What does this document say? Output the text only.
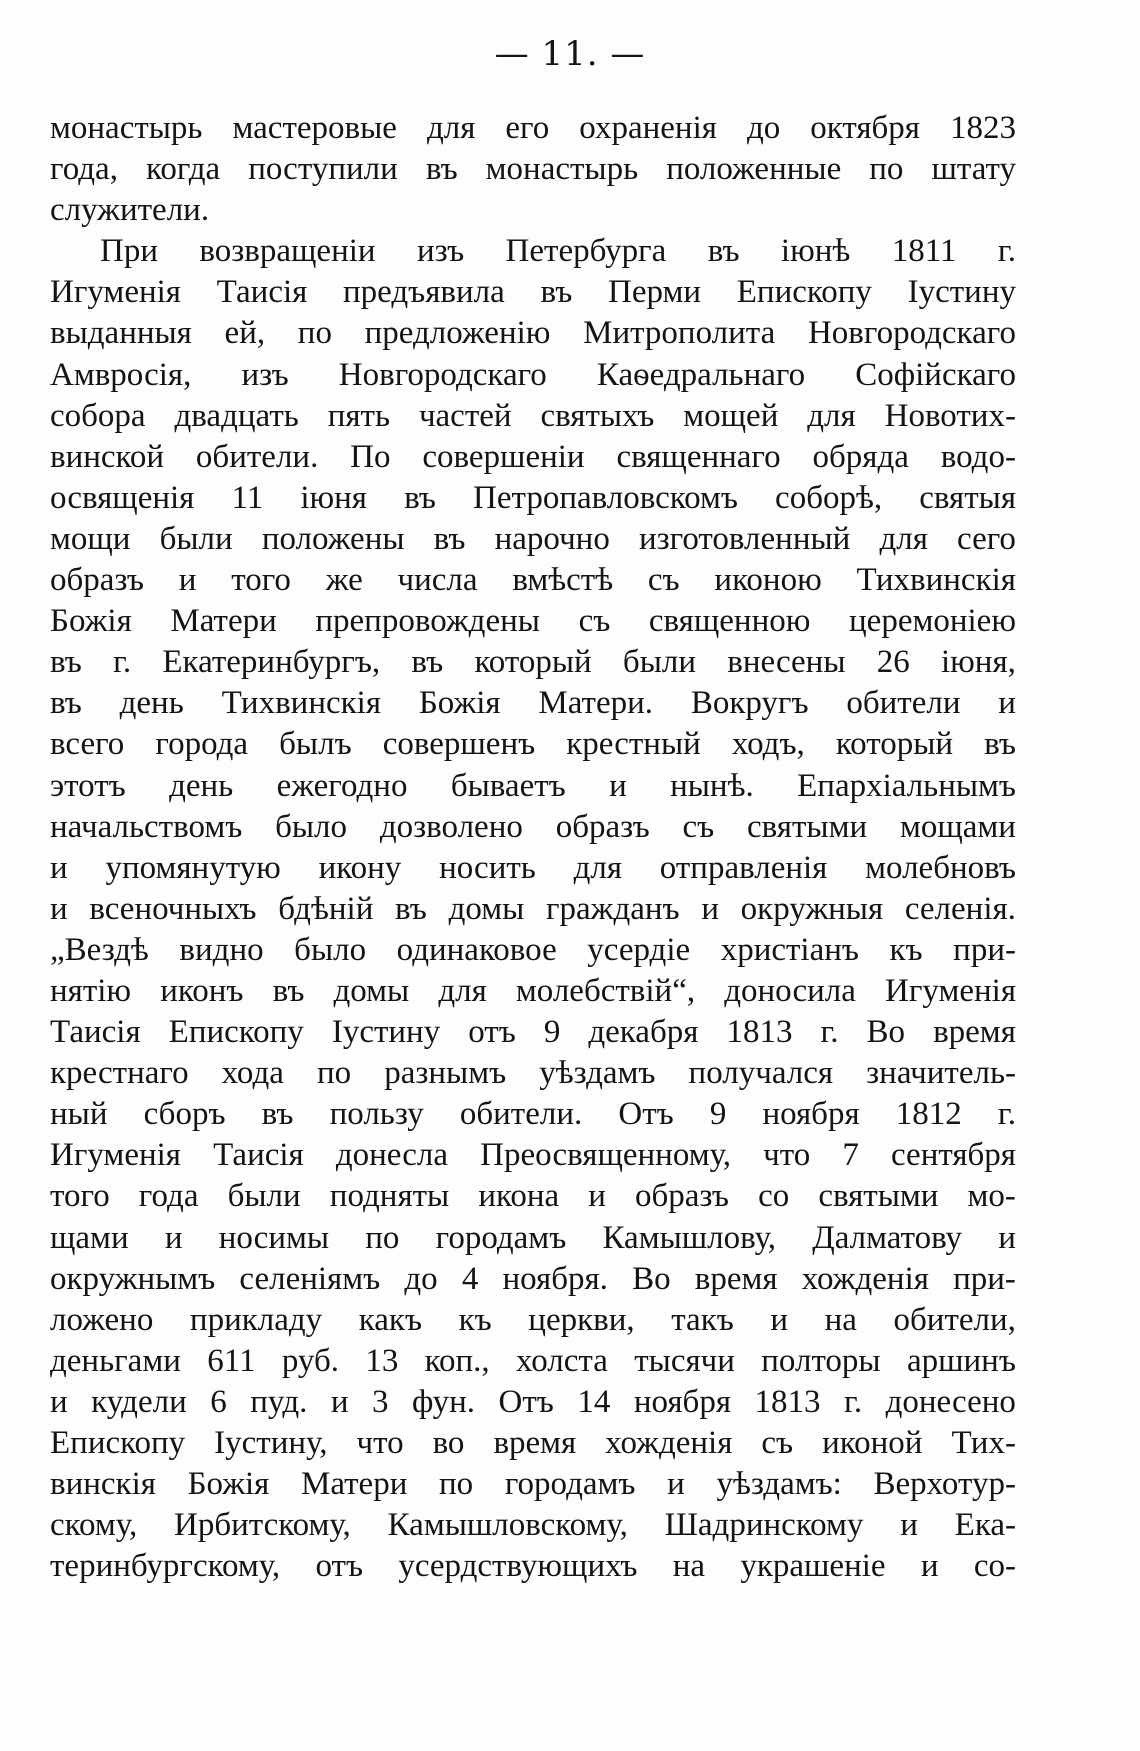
— 11. —
монастырь мастеровые для его охраненія до октября 1823
года, когда поступили въ монастырь положенные по штату
служители.
При возвращеніи изъ Петербурга въ іюнѣ 1811 г.
Игуменія Таисія предъявила въ Перми Епископу Іустину
выданныя ей, по предложенію Митрополита Новгородскаго
Амвросія, изъ Новгородскаго Каѳедральнаго Софійскаго
собора двадцать пять частей святыхъ мощей для Новотих-
винской обители. По совершеніи священнаго обряда водо-
освященія 11 іюня въ Петропавловскомъ соборѣ, святыя
мощи были положены въ нарочно изготовленный для сего
образъ и того же числа вмѣстѣ съ иконою Тихвинскія
Божія Матери препровождены съ священною церемоніею
въ г. Екатеринбургъ, въ который были внесены 26 іюня,
въ день Тихвинскія Божія Матери. Вокругъ обители и
всего города былъ совершенъ крестный ходъ, который въ
этотъ день ежегодно бываетъ и нынѣ. Епархіальнымъ
начальствомъ было дозволено образъ съ святыми мощами
и упомянутую икону носить для отправленія молебновъ
и всеночныхъ бдѣній въ домы гражданъ и окружныя селенія.
„Вездѣ видно было одинаковое усердіе христіанъ къ при-
нятію иконъ въ домы для молебствій“, доносила Игуменія
Таисія Епископу Іустину отъ 9 декабря 1813 г. Во время
крестнаго хода по разнымъ уѣздамъ получался значитель-
ный сборъ въ пользу обители. Отъ 9 ноября 1812 г.
Игуменія Таисія донесла Преосвященному, что 7 сентября
того года были подняты икона и образъ со святыми мо-
щами и носимы по городамъ Камышлову, Далматову и
окружнымъ селеніямъ до 4 ноября. Во время хожденія при-
ложено прикладу какъ къ церкви, такъ и на обители,
деньгами 611 руб. 13 коп., холста тысячи полторы аршинъ
и кудели 6 пуд. и 3 фун. Отъ 14 ноября 1813 г. донесено
Епископу Іустину, что во время хожденія съ иконой Тих-
винскія Божія Матери по городамъ и уѣздамъ: Верхотур-
скому, Ирбитскому, Камышловскому, Шадринскому и Ека-
теринбургскому, отъ усердствующихъ на украшеніе и со-
